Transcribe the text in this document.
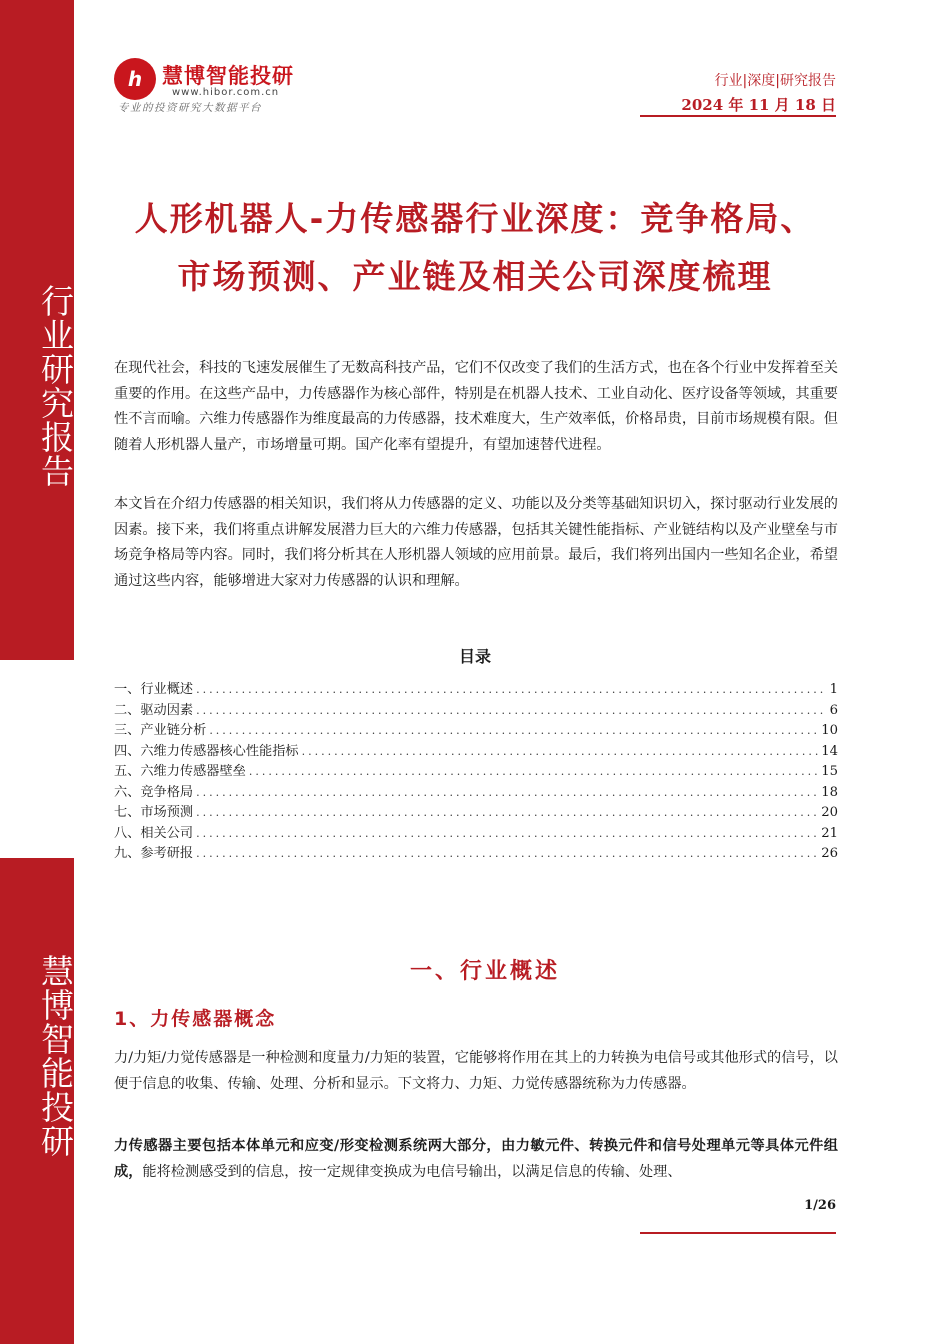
行业研究报告
慧博智能投研
h 慧博智能投研
www.hibor.com.cn
专业的投资研究大数据平台
行业|深度|研究报告
2024 年 11 月 18 日
人形机器人-力传感器行业深度：竞争格局、
市场预测、产业链及相关公司深度梳理

在现代社会，科技的飞速发展催生了无数高科技产品，它们不仅改变了我们的生活方式，也在各个行业中发挥着至关重要的作用。在这些产品中，力传感器作为核心部件，特别是在机器人技术、工业自动化、医疗设备等领域，其重要性不言而喻。六维力传感器作为维度最高的力传感器，技术难度大，生产效率低，价格昂贵，目前市场规模有限。但随着人形机器人量产，市场增量可期。国产化率有望提升，有望加速替代进程。

本文旨在介绍力传感器的相关知识，我们将从力传感器的定义、功能以及分类等基础知识切入，探讨驱动行业发展的因素。接下来，我们将重点讲解发展潜力巨大的六维力传感器，包括其关键性能指标、产业链结构以及产业壁垒与市场竞争格局等内容。同时，我们将分析其在人形机器人领域的应用前景。最后，我们将列出国内一些知名企业，希望通过这些内容，能够增进大家对力传感器的认识和理解。

目录
一、行业概述 .....	1
二、驱动因素 .....	6
三、产业链分析 .....	10
四、六维力传感器核心性能指标 .....	14
五、六维力传感器壁垒 .....	15
六、竞争格局 .....	18
七、市场预测 .....	20
八、相关公司 .....	21
九、参考研报 .....	26
一、行业概述
1、力传感器概念

力/力矩/力觉传感器是一种检测和度量力/力矩的装置，它能够将作用在其上的力转换为电信号或其他形式的信号，以便于信息的收集、传输、处理、分析和显示。下文将力、力矩、力觉传感器统称为力传感器。

力传感器主要包括本体单元和应变/形变检测系统两大部分，由力敏元件、转换元件和信号处理单元等具体元件组成，能将检测感受到的信息，按一定规律变换成为电信号输出，以满足信息的传输、处理、

1/26
